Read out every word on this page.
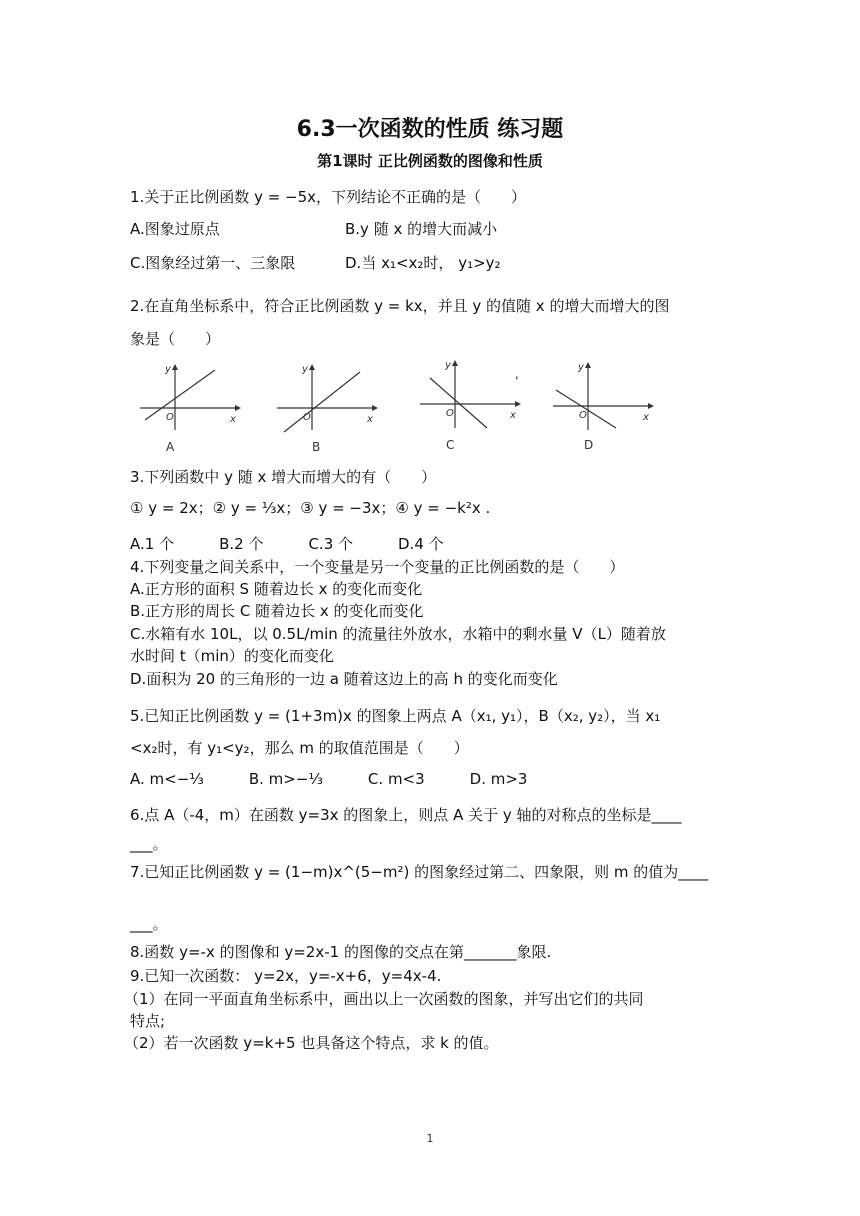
6.3一次函数的性质 练习题
第1课时 正比例函数的图像和性质
1.关于正比例函数 y = −5x，下列结论不正确的是（　　）
A.图象过原点	B.y 随 x 的增大而减小
C.图象经过第一、三象限	D.当 x₁<x₂时， y₁>y₂
2.在直角坐标系中，符合正比例函数 y = kx，并且 y 的值随 x 的增大而增大的图
象是（　　）
y
x
O
A
y
x
O
B
y
x
O
,
C
y
x
O
D
3.下列函数中 y 随 x 增大而增大的有（　　）
① y = 2x；② y = ⅓x；③ y = −3x；④ y = −k²x .
A.1 个　　　B.2 个　　　C.3 个　　　D.4 个
4.下列变量之间关系中，一个变量是另一个变量的正比例函数的是（　　）
A.正方形的面积 S 随着边长 x 的变化而变化
B.正方形的周长 C 随着边长 x 的变化而变化
C.水箱有水 10L，以 0.5L/min 的流量往外放水，水箱中的剩水量 V（L）随着放
水时间 t（min）的变化而变化
D.面积为 20 的三角形的一边 a 随着这边上的高 h 的变化而变化
5.已知正比例函数 y = (1+3m)x 的图象上两点 A（x₁, y₁），B（x₂, y₂），当 x₁
<x₂时，有 y₁<y₂，那么 m 的取值范围是（　　）
A. m<−⅓　　　B. m>−⅓　　　C. m<3　　　D. m>3
6.点 A（-4，m）在函数 y=3x 的图象上，则点 A 关于 y 轴的对称点的坐标是____
___。
7.已知正比例函数 y = (1−m)x^(5−m²) 的图象经过第二、四象限，则 m 的值为____
___。
8.函数 y=-x 的图像和 y=2x-1 的图像的交点在第_______象限.
9.已知一次函数： y=2x，y=-x+6，y=4x-4.
（1）在同一平面直角坐标系中，画出以上一次函数的图象，并写出它们的共同
特点;
（2）若一次函数 y=k+5 也具备这个特点，求 k 的值。
1
